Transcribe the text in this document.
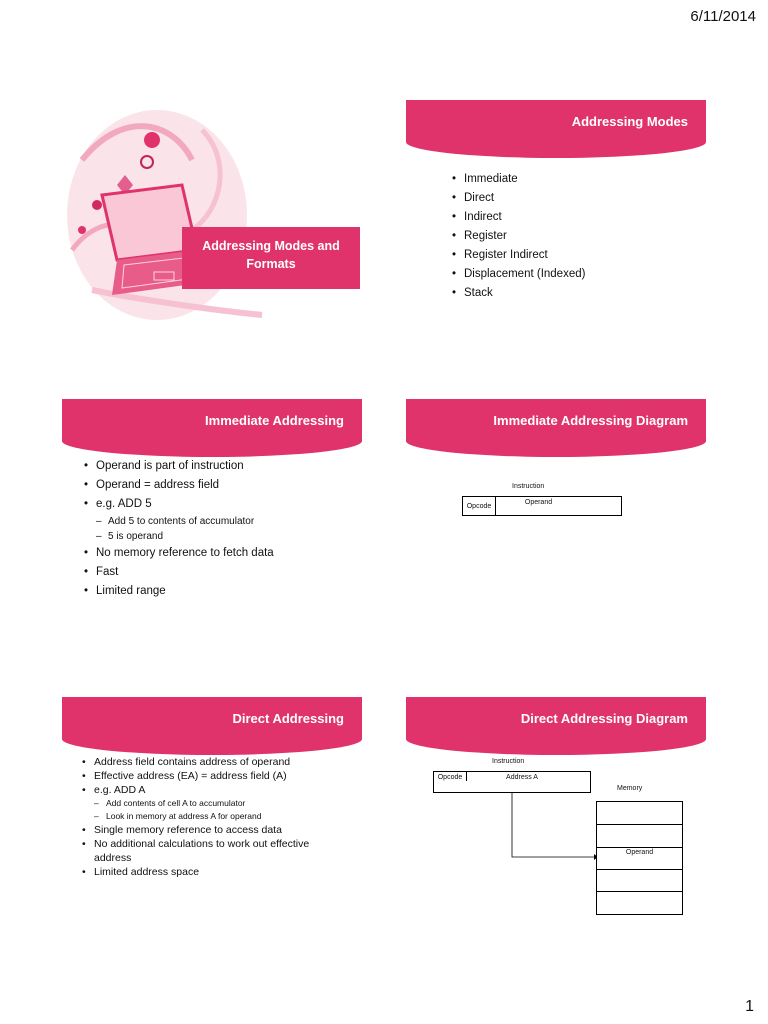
6/11/2014
Addressing Modes and Formats
Addressing Modes
• Immediate
• Direct
• Indirect
• Register
• Register Indirect
• Displacement (Indexed)
• Stack
Immediate Addressing
• Operand is part of instruction
• Operand = address field
• e.g. ADD 5
– Add 5 to contents of accumulator
– 5 is operand
• No memory reference to fetch data
• Fast
• Limited range
Immediate Addressing Diagram
Instruction
Opcode	Operand
Direct Addressing
• Address field contains address of operand
• Effective address (EA) = address field (A)
• e.g. ADD A
– Add contents of cell A to accumulator
– Look in memory at address A for operand
• Single memory reference to access data
• No additional calculations to work out effective address
• Limited address space
Direct Addressing Diagram
Instruction
Opcode	Address A
Memory
Operand
1
